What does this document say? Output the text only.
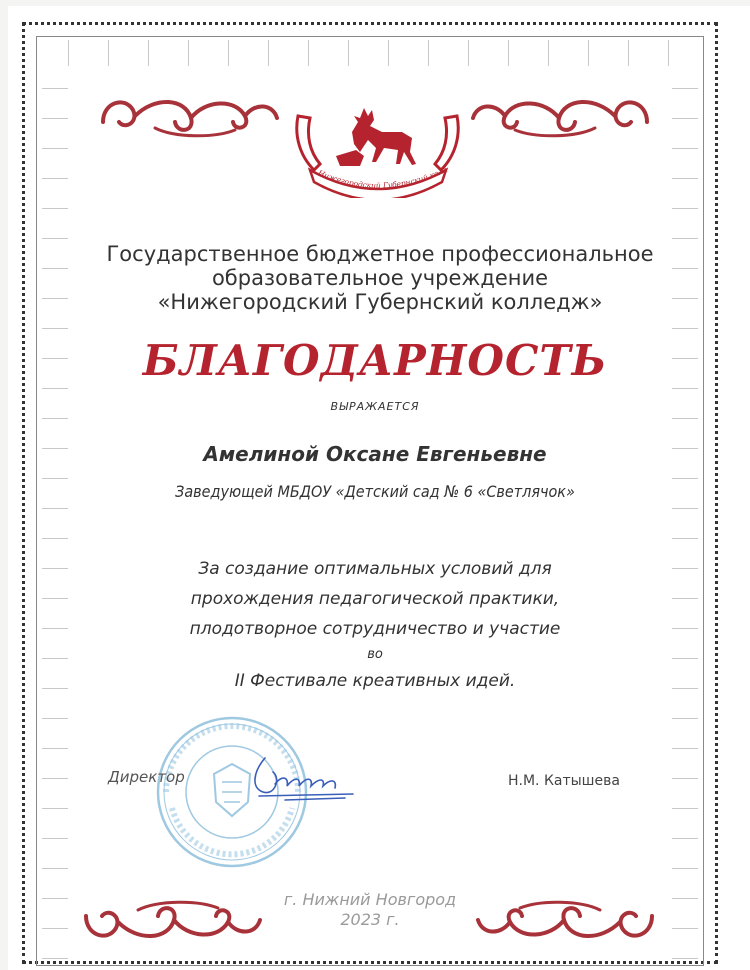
Нижегородский Губернский колл
Государственное бюджетное профессиональное
образовательное учреждение
«Нижегородский Губернский колледж»
БЛАГОДАРНОСТЬ
ВЫРАЖАЕТСЯ
Амелиной Оксане Евгеньевне
Заведующей МБДОУ «Детский сад № 6 «Светлячок»
За создание оптимальных условий для
прохождения педагогической практики,
плодотворное сотрудничество и участие
во
II Фестивале креативных идей.
Директор	Н.М. Катышева
г. Нижний Новгород
2023 г.
